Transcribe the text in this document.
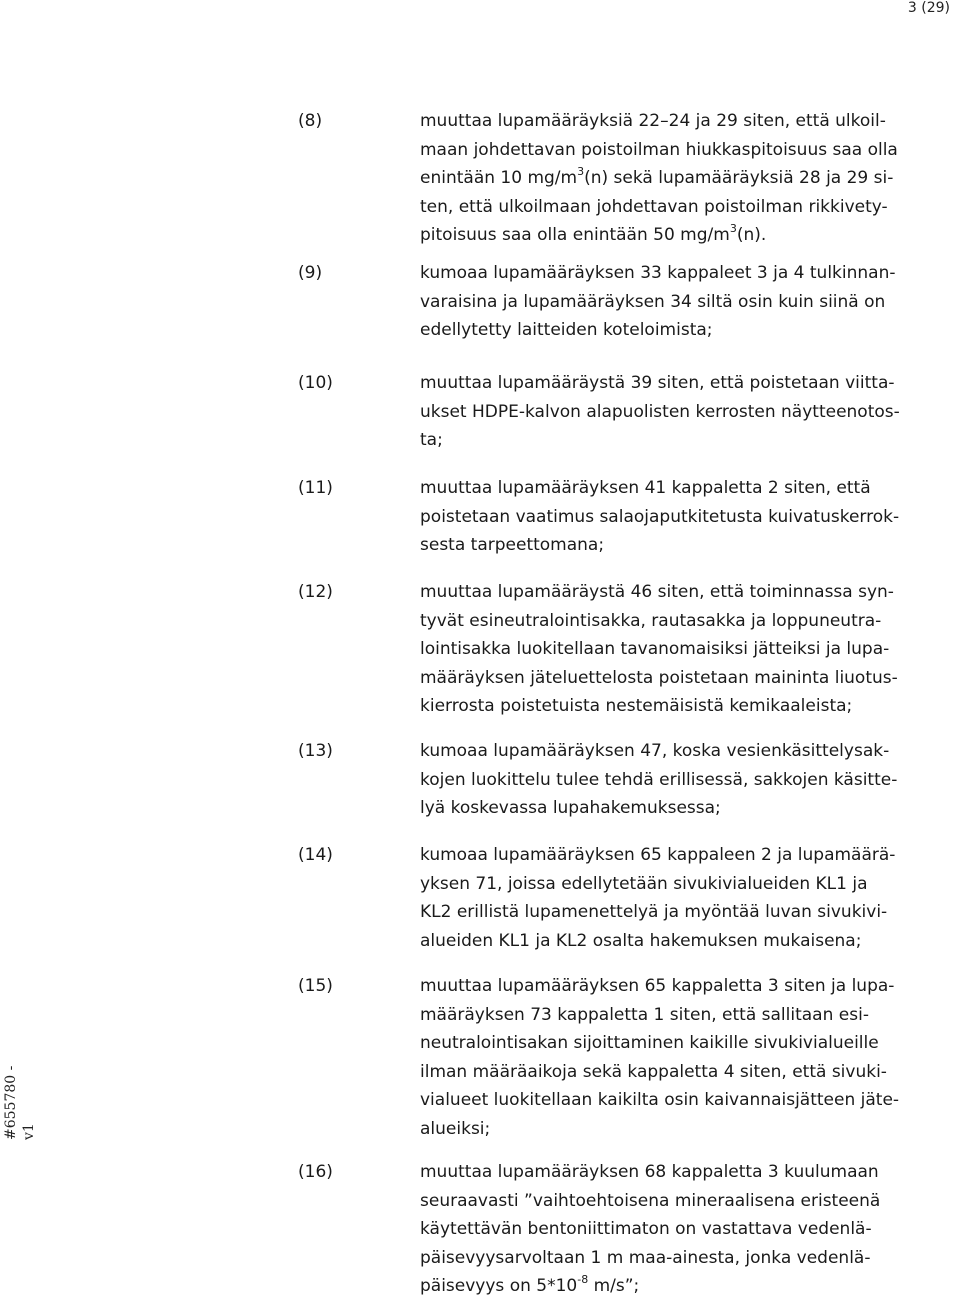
3 (29)
#655780 - v1
(8)	muuttaa lupamääräyksiä 22–24 ja 29 siten, että ulkoil-
maan johdettavan poistoilman hiukkaspitoisuus saa olla
enintään 10 $mg/m^3(n)$ sekä lupamääräyksiä 28 ja 29 si-
ten, että ulkoilmaan johdettavan poistoilman rikkivety-
pitoisuus saa olla enintään 50 $mg/m^3(n)$.
(9)	kumoaa lupamääräyksen 33 kappaleet 3 ja 4 tulkinnan-
varaisina ja lupamääräyksen 34 siltä osin kuin siinä on
edellytetty laitteiden koteloimista;
(10)	muuttaa lupamääräystä 39 siten, että poistetaan viitta-
ukset HDPE-kalvon alapuolisten kerrosten näytteenotos-
ta;
(11)	muuttaa lupamääräyksen 41 kappaletta 2 siten, että
poistetaan vaatimus salaojaputkitetusta kuivatuskerrok-
sesta tarpeettomana;
(12)	muuttaa lupamääräystä 46 siten, että toiminnassa syn-
tyvät esineutralointisakka, rautasakka ja loppuneutra-
lointisakka luokitellaan tavanomaisiksi jätteiksi ja lupa-
määräyksen jäteluettelosta poistetaan maininta liuotus-
kierrosta poistetuista nestemäisistä kemikaaleista;
(13)	kumoaa lupamääräyksen 47, koska vesienkäsittelysak-
kojen luokittelu tulee tehdä erillisessä, sakkojen käsitte-
lyä koskevassa lupahakemuksessa;
(14)	kumoaa lupamääräyksen 65 kappaleen 2 ja lupamäärä-
yksen 71, joissa edellytetään sivukivialueiden KL1 ja
KL2 erillistä lupamenettelyä ja myöntää luvan sivukivi-
alueiden KL1 ja KL2 osalta hakemuksen mukaisena;
(15)	muuttaa lupamääräyksen 65 kappaletta 3 siten ja lupa-
määräyksen 73 kappaletta 1 siten, että sallitaan esi-
neutralointisakan sijoittaminen kaikille sivukivialueille
ilman määräaikoja sekä kappaletta 4 siten, että sivuki-
vialueet luokitellaan kaikilta osin kaivannaisjätteen jäte-
alueiksi;
(16)	muuttaa lupamääräyksen 68 kappaletta 3 kuulumaan
seuraavasti ”vaihtoehtoisena mineraalisena eristeenä
käytettävän bentoniittimaton on vastattava vedenlä-
päisevyysarvoltaan 1 m maa-ainesta, jonka vedenlä-
päisevyys on $5*10^{-8}$ m/s”;
